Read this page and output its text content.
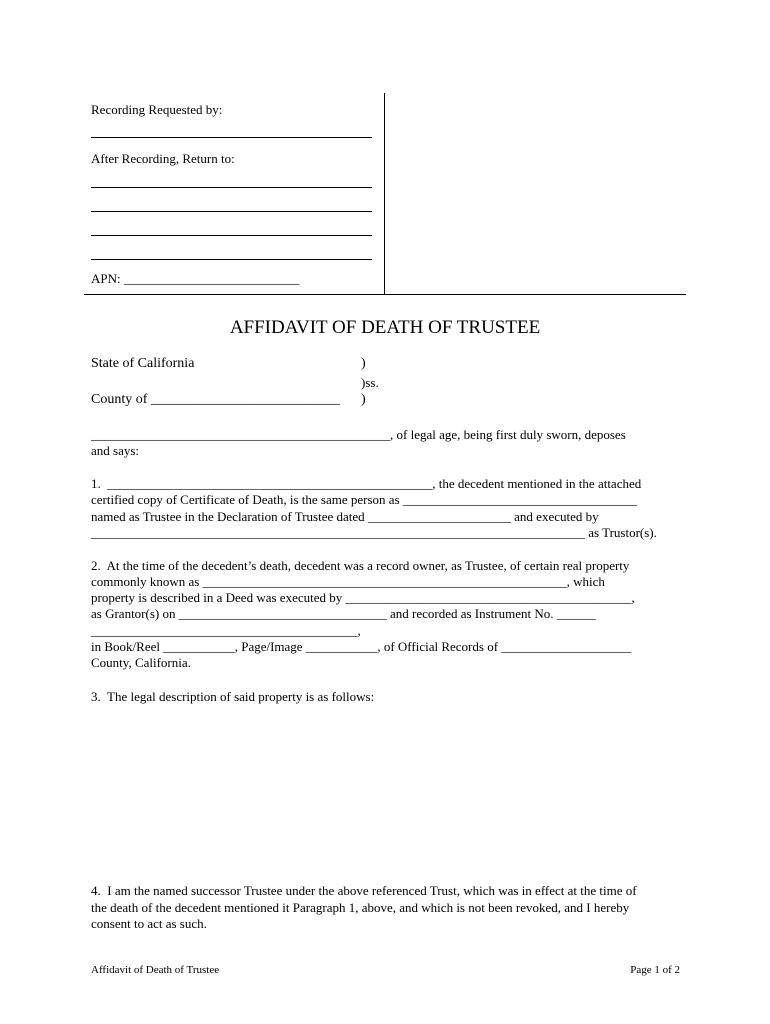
Recording Requested by:
After Recording, Return to:
APN: ___________________________
AFFIDAVIT OF DEATH OF TRUSTEE
State of California	)
)ss.
County of ___________________________ )
______________________________________________, of legal age, being first duly sworn, deposes
and says:
1.  __________________________________________________, the decedent mentioned in the attached
certified copy of Certificate of Death, is the same person as ____________________________________
named as Trustee in the Declaration of Trustee dated ______________________ and executed by
____________________________________________________________________________ as Trustor(s).
2.  At the time of the decedent’s death, decedent was a record owner, as Trustee, of certain real property
commonly known as ________________________________________________________, which
property is described in a Deed was executed by ____________________________________________,
as Grantor(s) on ________________________________ and recorded as Instrument No. ______
_________________________________________,
in Book/Reel ___________, Page/Image ___________, of Official Records of ____________________
County, California.
3.  The legal description of said property is as follows:
4.  I am the named successor Trustee under the above referenced Trust, which was in effect at the time of
the death of the decedent mentioned it Paragraph 1, above, and which is not been revoked, and I hereby
consent to act as such.
Affidavit of Death of Trustee	Page 1 of 2
